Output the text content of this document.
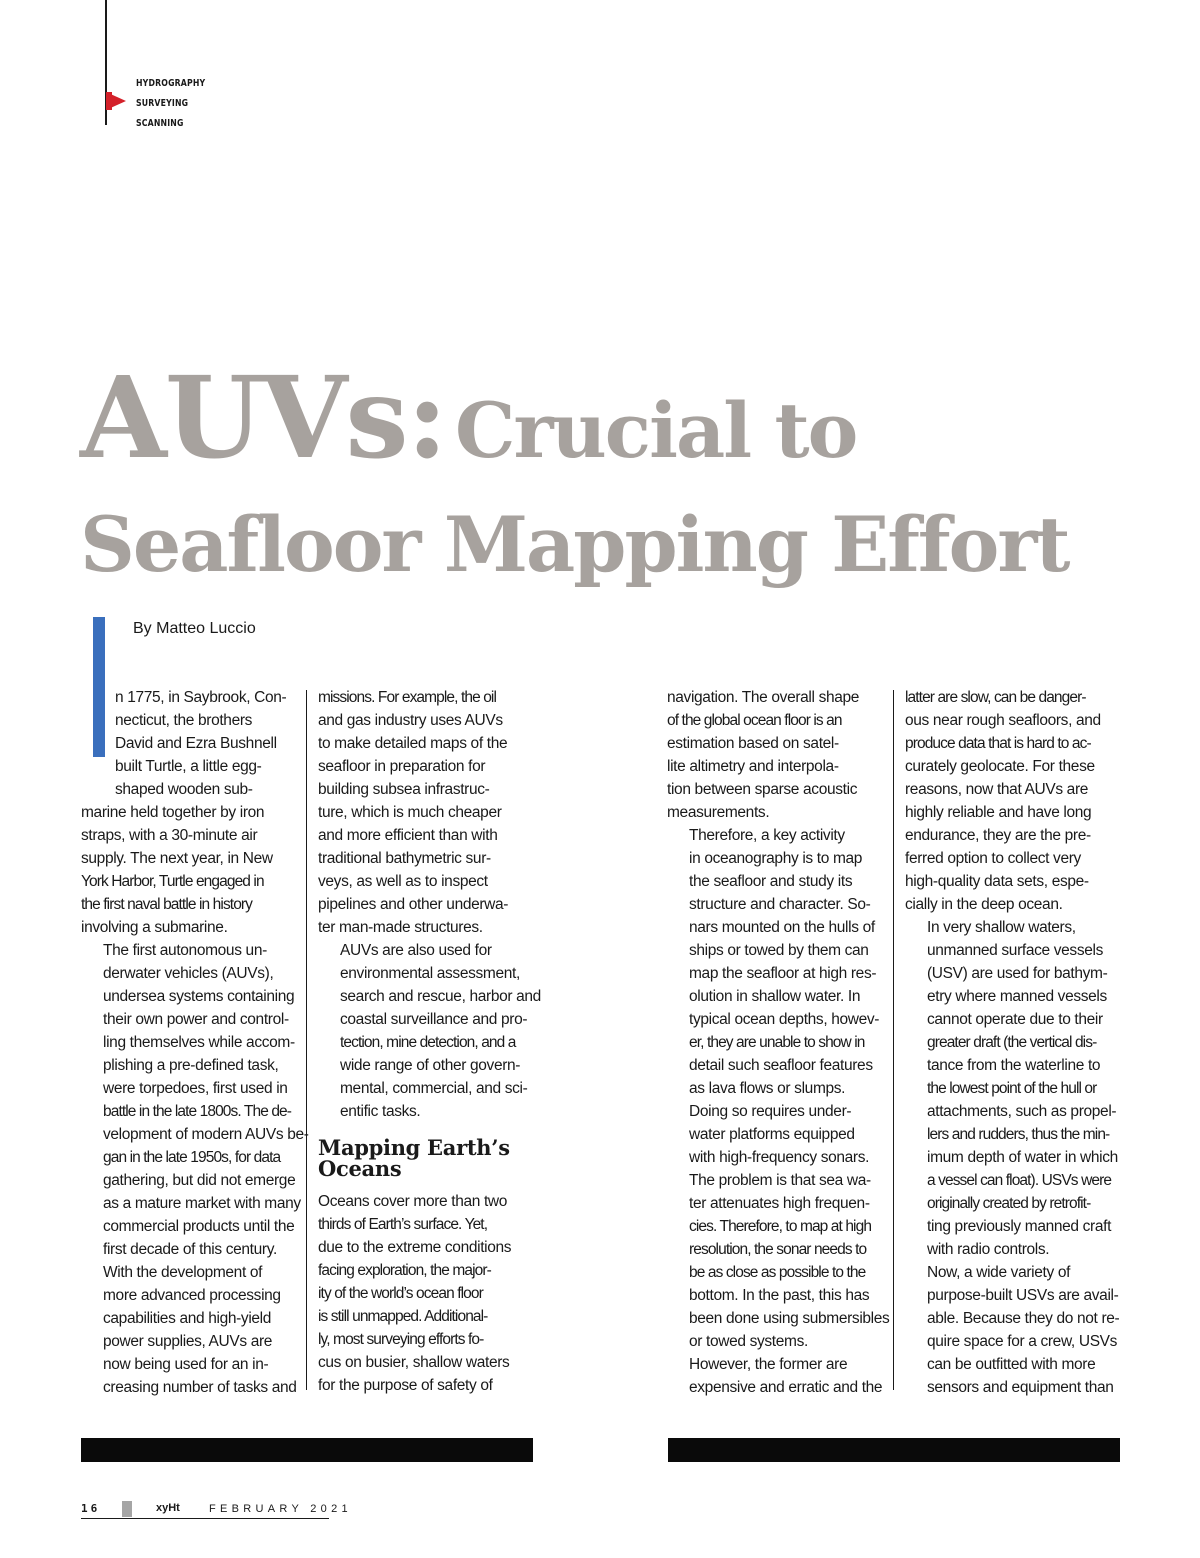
HYDROGRAPHY
SURVEYING
SCANNING
AUVs: Crucial to
Seafloor Mapping Effort
By Matteo Luccio

n 1775, in Saybrook, Con-
necticut, the brothers
David and Ezra Bushnell
built Turtle, a little egg-
shaped wooden sub-
marine held together by iron
straps, with a 30-minute air
supply. The next year, in New
York Harbor, Turtle engaged in
the first naval battle in history
involving a submarine.

The first autonomous un-
derwater vehicles (AUVs),
undersea systems containing
their own power and control-
ling themselves while accom-
plishing a pre-defined task,
were torpedoes, first used in
battle in the late 1800s. The de-
velopment of modern AUVs be-
gan in the late 1950s, for data
gathering, but did not emerge
as a mature market with many
commercial products until the
first decade of this century.

With the development of
more advanced processing
capabilities and high-yield
power supplies, AUVs are
now being used for an in-
creasing number of tasks and

missions. For example, the oil
and gas industry uses AUVs
to make detailed maps of the
seafloor in preparation for
building subsea infrastruc-
ture, which is much cheaper
and more efficient than with
traditional bathymetric sur-
veys, as well as to inspect
pipelines and other underwa-
ter man-made structures.

AUVs are also used for
environmental assessment,
search and rescue, harbor and
coastal surveillance and pro-
tection, mine detection, and a
wide range of other govern-
mental, commercial, and sci-
entific tasks.

Mapping Earth’s Oceans

Oceans cover more than two
thirds of Earth’s surface. Yet,
due to the extreme conditions
facing exploration, the major-
ity of the world’s ocean floor
is still unmapped. Additional-
ly, most surveying efforts fo-
cus on busier, shallow waters
for the purpose of safety of

navigation. The overall shape
of the global ocean floor is an
estimation based on satel-
lite altimetry and interpola-
tion between sparse acoustic
measurements.

Therefore, a key activity
in oceanography is to map
the seafloor and study its
structure and character. So-
nars mounted on the hulls of
ships or towed by them can
map the seafloor at high res-
olution in shallow water. In
typical ocean depths, howev-
er, they are unable to show in
detail such seafloor features
as lava flows or slumps.

Doing so requires under-
water platforms equipped
with high-frequency sonars.
The problem is that sea wa-
ter attenuates high frequen-
cies. Therefore, to map at high
resolution, the sonar needs to
be as close as possible to the
bottom. In the past, this has
been done using submersibles
or towed systems.

However, the former are
expensive and erratic and the

latter are slow, can be danger-
ous near rough seafloors, and
produce data that is hard to ac-
curately geolocate. For these
reasons, now that AUVs are
highly reliable and have long
endurance, they are the pre-
ferred option to collect very
high-quality data sets, espe-
cially in the deep ocean.

In very shallow waters,
unmanned surface vessels
(USV) are used for bathym-
etry where manned vessels
cannot operate due to their
greater draft (the vertical dis-
tance from the waterline to
the lowest point of the hull or
attachments, such as propel-
lers and rudders, thus the min-
imum depth of water in which
a vessel can float). USVs were
originally created by retrofit-
ting previously manned craft
with radio controls.

Now, a wide variety of
purpose-built USVs are avail-
able. Because they do not re-
quire space for a crew, USVs
can be outfitted with more
sensors and equipment than

16	xyHt	FEBRUARY 2021
